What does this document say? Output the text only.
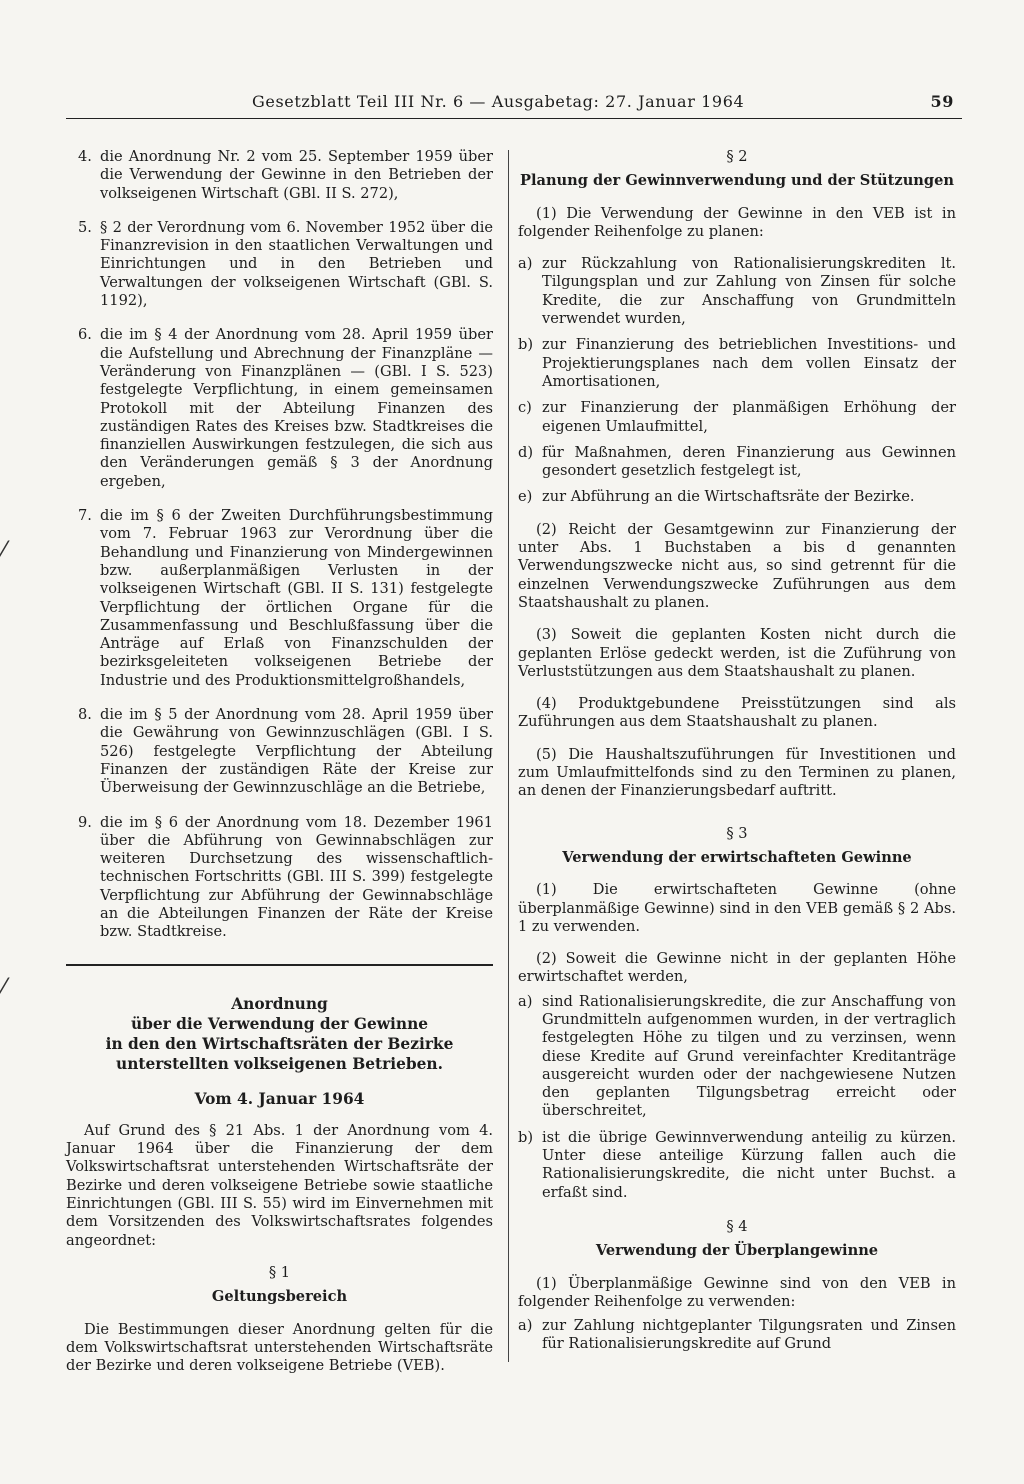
Gesetzblatt Teil III Nr. 6 — Ausgabetag: 27. Januar 1964	59
⁄
⁄
4. die Anordnung Nr. 2 vom 25. September 1959 über die Verwendung der Gewinne in den Betrieben der volkseigenen Wirtschaft (GBl. II S. 272),
5. § 2 der Verordnung vom 6. November 1952 über die Finanzrevision in den staatlichen Verwaltungen und Einrichtungen und in den Betrieben und Verwaltungen der volkseigenen Wirtschaft (GBl. S. 1192),
6. die im § 4 der Anordnung vom 28. April 1959 über die Aufstellung und Abrechnung der Finanzpläne — Veränderung von Finanzplänen — (GBl. I S. 523) festgelegte Verpflichtung, in einem gemeinsamen Protokoll mit der Abteilung Finanzen des zuständigen Rates des Kreises bzw. Stadtkreises die finanziellen Auswirkungen festzulegen, die sich aus den Veränderungen gemäß § 3 der Anordnung ergeben,
7. die im § 6 der Zweiten Durchführungsbestimmung vom 7. Februar 1963 zur Verordnung über die Behandlung und Finanzierung von Mindergewinnen bzw. außerplanmäßigen Verlusten in der volkseigenen Wirtschaft (GBl. II S. 131) festgelegte Verpflichtung der örtlichen Organe für die Zusammenfassung und Beschlußfassung über die Anträge auf Erlaß von Finanzschulden der bezirksgeleiteten volkseigenen Betriebe der Industrie und des Produktionsmittelgroßhandels,
8. die im § 5 der Anordnung vom 28. April 1959 über die Gewährung von Gewinnzuschlägen (GBl. I S. 526) festgelegte Verpflichtung der Abteilung Finanzen der zuständigen Räte der Kreise zur Überweisung der Gewinnzuschläge an die Betriebe,
9. die im § 6 der Anordnung vom 18. Dezember 1961 über die Abführung von Gewinnabschlägen zur weiteren Durchsetzung des wissenschaftlich-technischen Fortschritts (GBl. III S. 399) festgelegte Verpflichtung zur Abführung der Gewinnabschläge an die Abteilungen Finanzen der Räte der Kreise bzw. Stadtkreise.
Anordnung
über die Verwendung der Gewinne
in den den Wirtschaftsräten der Bezirke
unterstellten volkseigenen Betrieben.
Vom 4. Januar 1964

Auf Grund des § 21 Abs. 1 der Anordnung vom 4. Januar 1964 über die Finanzierung der dem Volkswirtschaftsrat unterstehenden Wirtschaftsräte der Bezirke und deren volkseigene Betriebe sowie staatliche Einrichtungen (GBl. III S. 55) wird im Einvernehmen mit dem Vorsitzenden des Volkswirtschaftsrates folgendes angeordnet:

§ 1
Geltungsbereich

Die Bestimmungen dieser Anordnung gelten für die dem Volkswirtschaftsrat unterstehenden Wirtschaftsräte der Bezirke und deren volkseigene Betriebe (VEB).

§ 2
Planung der Gewinnverwendung und der Stützungen

(1) Die Verwendung der Gewinne in den VEB ist in folgender Reihenfolge zu planen:

a) zur Rückzahlung von Rationalisierungskrediten lt. Tilgungsplan und zur Zahlung von Zinsen für solche Kredite, die zur Anschaffung von Grundmitteln verwendet wurden,
b) zur Finanzierung des betrieblichen Investitions- und Projektierungsplanes nach dem vollen Einsatz der Amortisationen,
c) zur Finanzierung der planmäßigen Erhöhung der eigenen Umlaufmittel,
d) für Maßnahmen, deren Finanzierung aus Gewinnen gesondert gesetzlich festgelegt ist,
e) zur Abführung an die Wirtschaftsräte der Bezirke.

(2) Reicht der Gesamtgewinn zur Finanzierung der unter Abs. 1 Buchstaben a bis d genannten Verwendungszwecke nicht aus, so sind getrennt für die einzelnen Verwendungszwecke Zuführungen aus dem Staatshaushalt zu planen.

(3) Soweit die geplanten Kosten nicht durch die geplanten Erlöse gedeckt werden, ist die Zuführung von Verluststützungen aus dem Staatshaushalt zu planen.

(4) Produktgebundene Preisstützungen sind als Zuführungen aus dem Staatshaushalt zu planen.

(5) Die Haushaltszuführungen für Investitionen und zum Umlaufmittelfonds sind zu den Terminen zu planen, an denen der Finanzierungsbedarf auftritt.

§ 3
Verwendung der erwirtschafteten Gewinne

(1) Die erwirtschafteten Gewinne (ohne überplanmäßige Gewinne) sind in den VEB gemäß § 2 Abs. 1 zu verwenden.

(2) Soweit die Gewinne nicht in der geplanten Höhe erwirtschaftet werden,

a) sind Rationalisierungskredite, die zur Anschaffung von Grundmitteln aufgenommen wurden, in der vertraglich festgelegten Höhe zu tilgen und zu verzinsen, wenn diese Kredite auf Grund vereinfachter Kreditanträge ausgereicht wurden oder der nachgewiesene Nutzen den geplanten Tilgungsbetrag erreicht oder überschreitet,
b) ist die übrige Gewinnverwendung anteilig zu kürzen. Unter diese anteilige Kürzung fallen auch die Rationalisierungskredite, die nicht unter Buchst. a erfaßt sind.
§ 4
Verwendung der Überplangewinne

(1) Überplanmäßige Gewinne sind von den VEB in folgender Reihenfolge zu verwenden:

a) zur Zahlung nichtgeplanter Tilgungsraten und Zinsen für Rationalisierungskredite auf Grund
